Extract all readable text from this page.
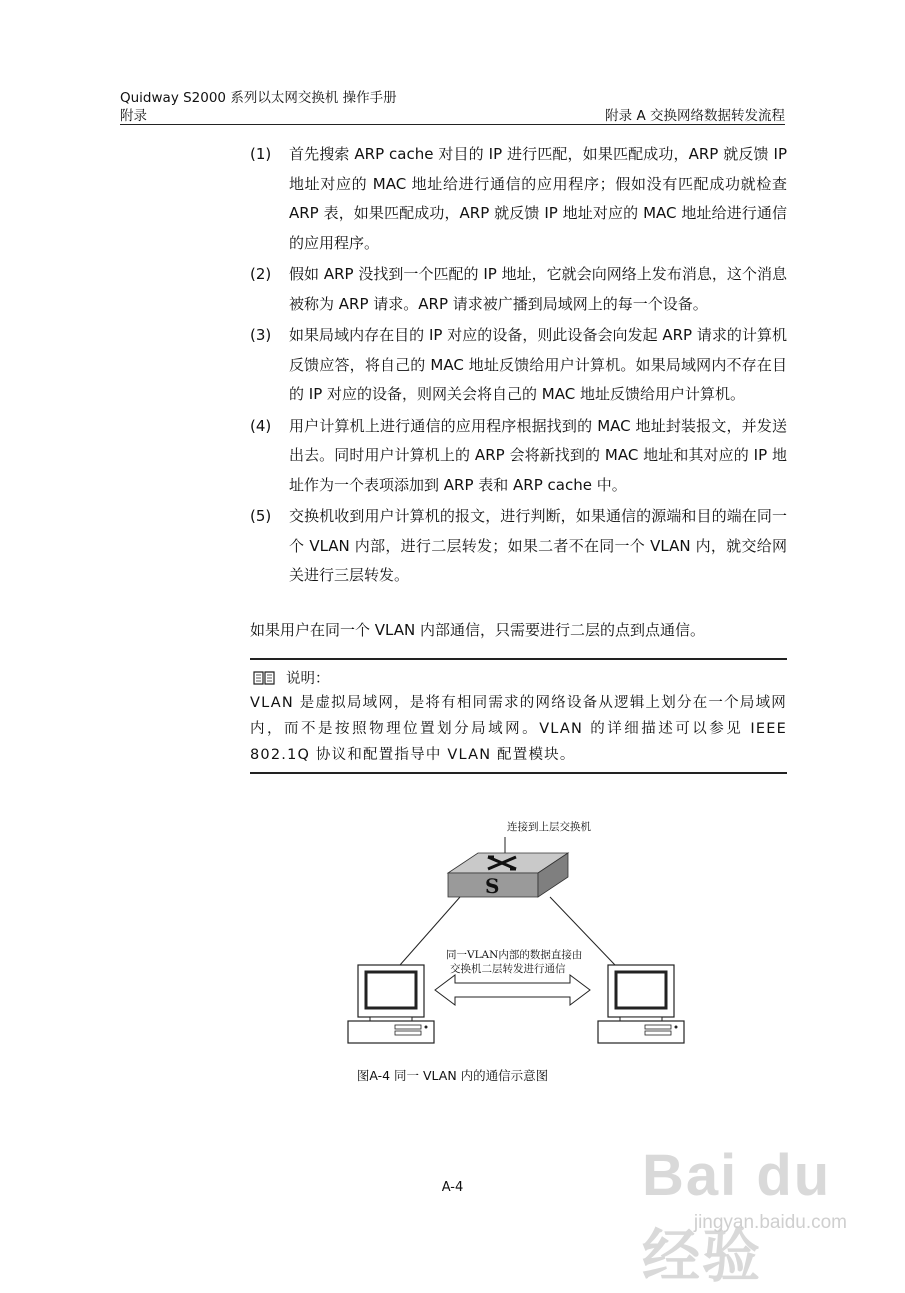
Quidway S2000 系列以太网交换机 操作手册
附录	附录 A 交换网络数据转发流程
(1)	首先搜索 ARP cache 对目的 IP 进行匹配，如果匹配成功，ARP 就反馈 IP 地址对应的 MAC 地址给进行通信的应用程序；假如没有匹配成功就检查 ARP 表，如果匹配成功，ARP 就反馈 IP 地址对应的 MAC 地址给进行通信的应用程序。
(2)	假如 ARP 没找到一个匹配的 IP 地址，它就会向网络上发布消息，这个消息被称为 ARP 请求。ARP 请求被广播到局域网上的每一个设备。
(3)	如果局域内存在目的 IP 对应的设备，则此设备会向发起 ARP 请求的计算机反馈应答，将自己的 MAC 地址反馈给用户计算机。如果局域网内不存在目的 IP 对应的设备，则网关会将自己的 MAC 地址反馈给用户计算机。
(4)	用户计算机上进行通信的应用程序根据找到的 MAC 地址封装报文，并发送出去。同时用户计算机上的 ARP 会将新找到的 MAC 地址和其对应的 IP 地址作为一个表项添加到 ARP 表和 ARP cache 中。
(5)	交换机收到用户计算机的报文，进行判断，如果通信的源端和目的端在同一个 VLAN 内部，进行二层转发；如果二者不在同一个 VLAN 内，就交给网关进行三层转发。
如果用户在同一个 VLAN 内部通信，只需要进行二层的点到点通信。
说明：
VLAN 是虚拟局域网，是将有相同需求的网络设备从逻辑上划分在一个局域网内，而不是按照物理位置划分局域网。VLAN 的详细描述可以参见 IEEE 802.1Q 协议和配置指导中 VLAN 配置模块。
S
连接到上层交换机
同一VLAN内部的数据直接由
交换机二层转发进行通信
图A-4 同一 VLAN 内的通信示意图
A-4	Bai du 经验
jingyan.baidu.com
